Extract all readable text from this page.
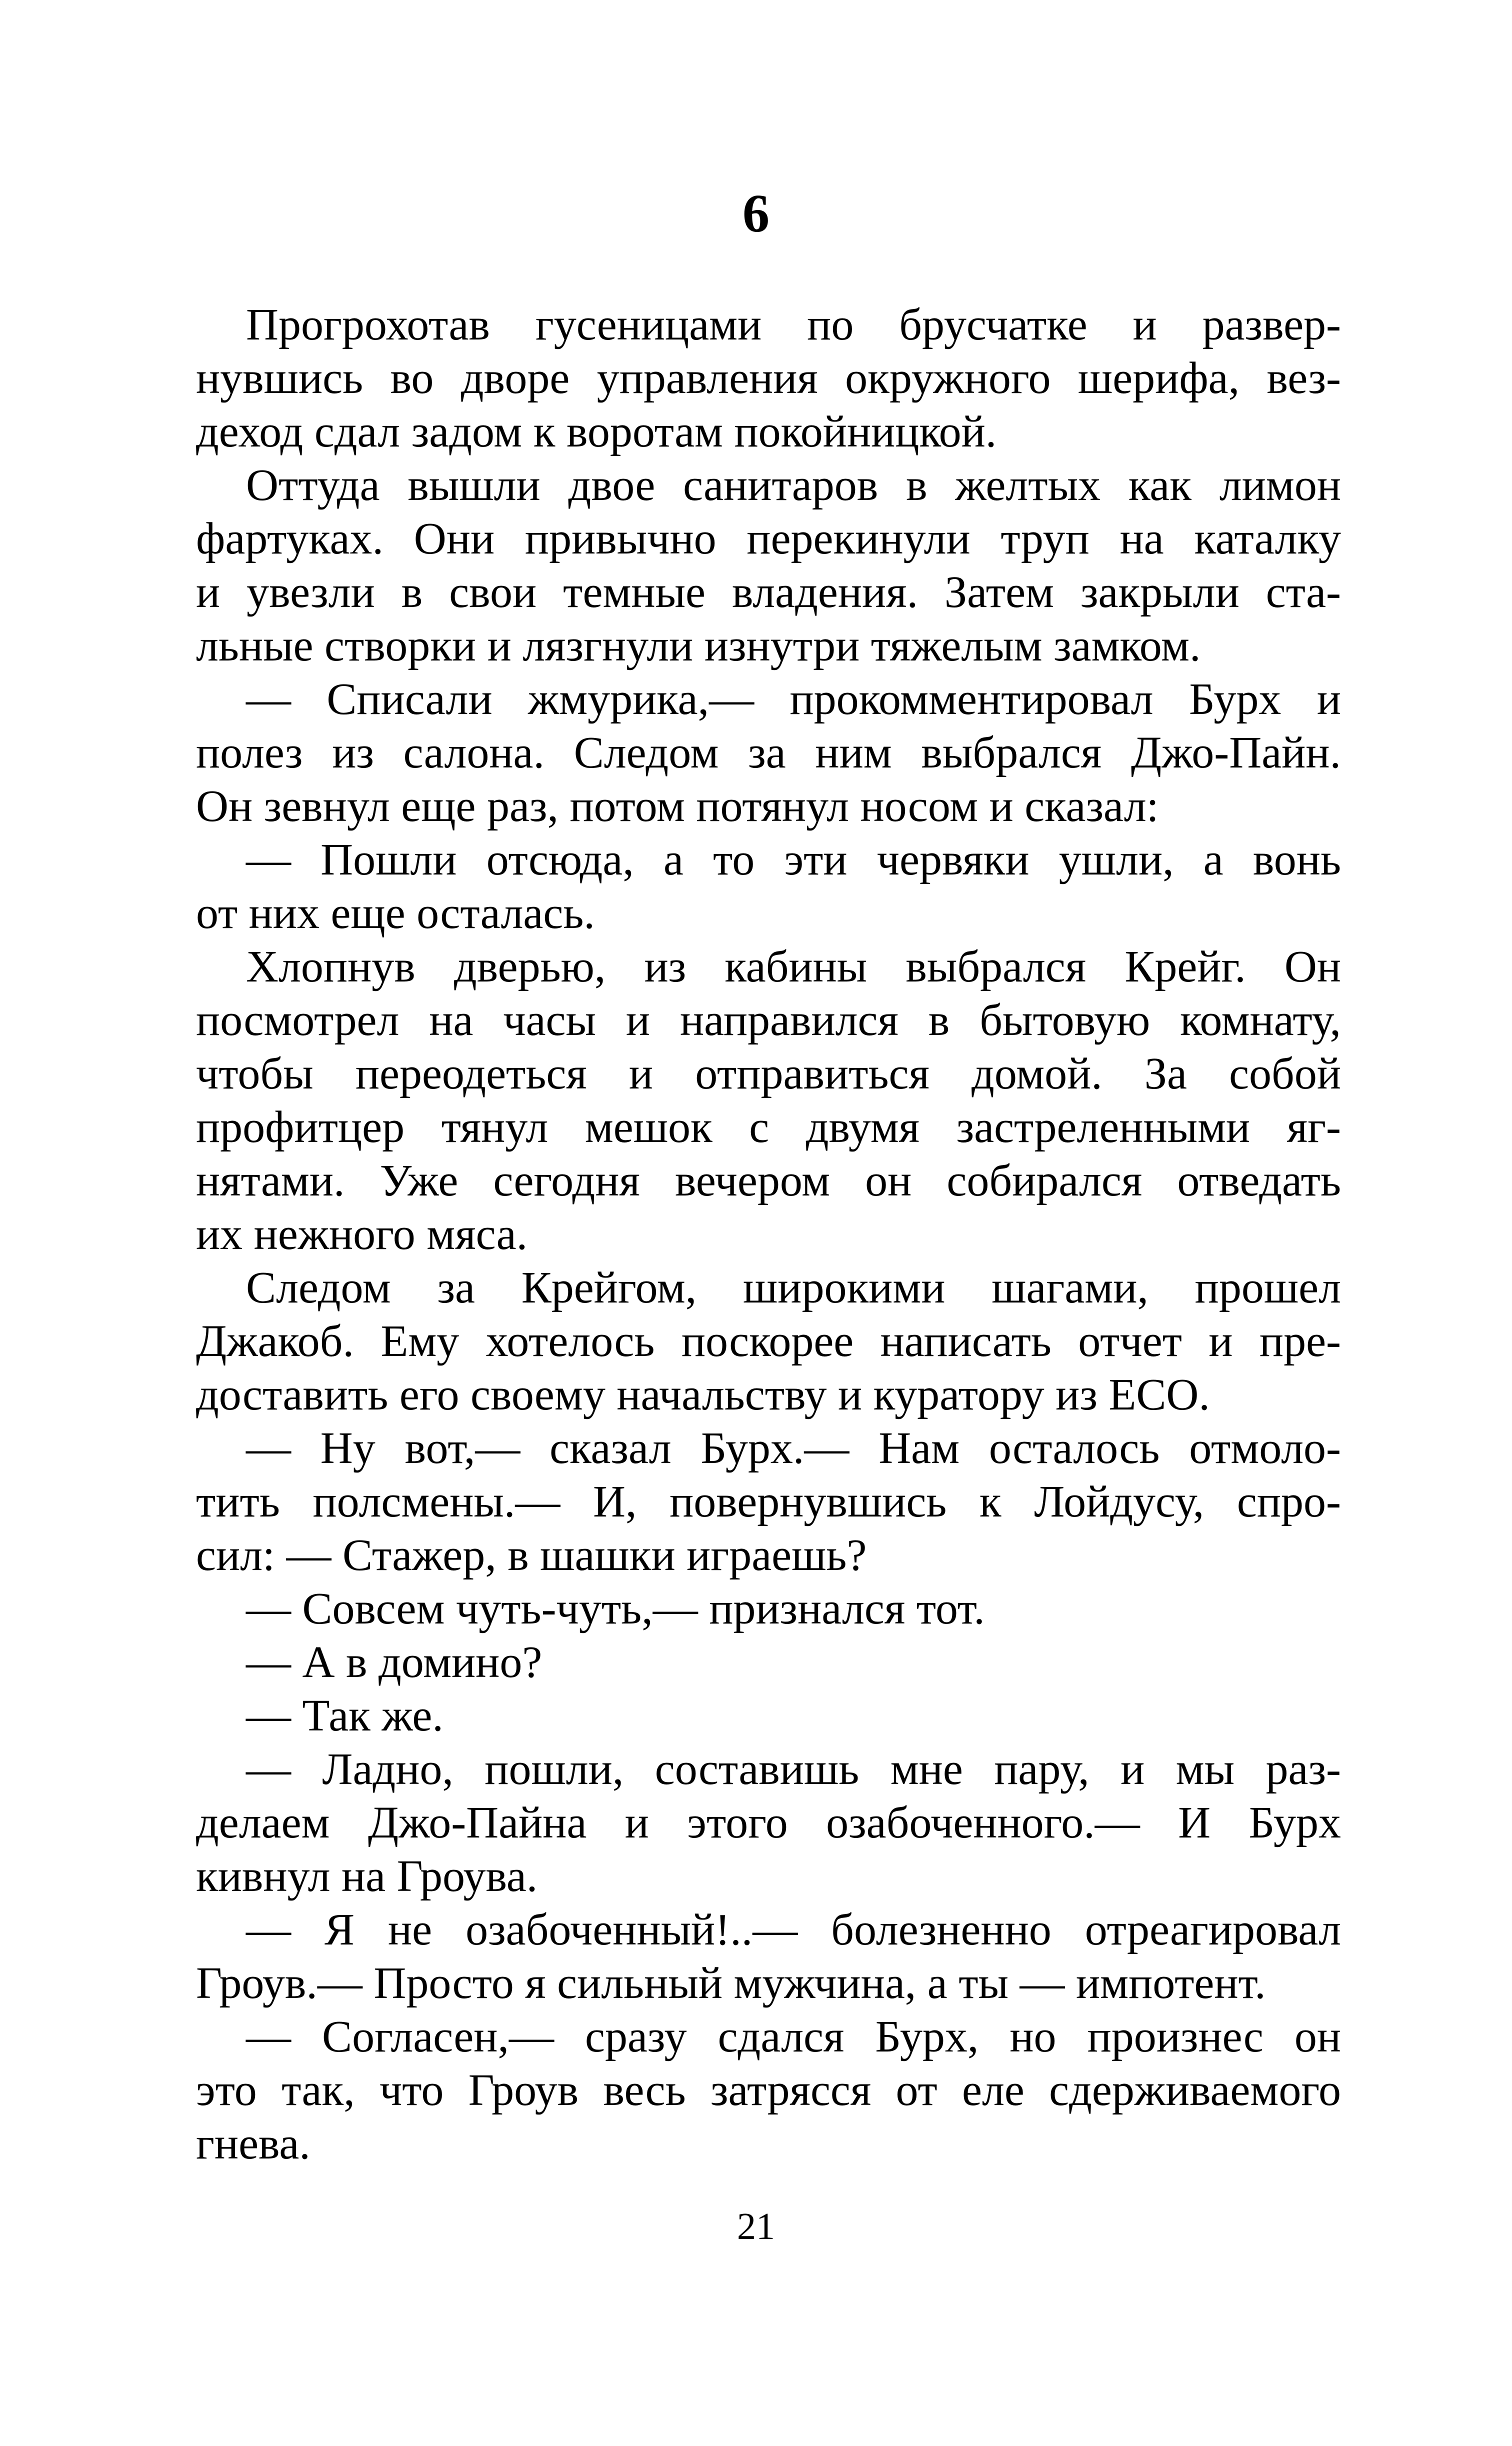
6
Прогрохотав гусеницами по брусчатке и развер-
нувшись во дворе управления окружного шерифа, вез-
деход сдал задом к воротам покойницкой.
Оттуда вышли двое санитаров в желтых как лимон
фартуках. Они привычно перекинули труп на каталку
и увезли в свои темные владения. Затем закрыли ста-
льные створки и лязгнули изнутри тяжелым замком.
— Списали жмурика,— прокомментировал Бурх и
полез из салона. Следом за ним выбрался Джо-Пайн.
Он зевнул еще раз, потом потянул носом и сказал:
— Пошли отсюда, а то эти червяки ушли, а вонь
от них еще осталась.
Хлопнув дверью, из кабины выбрался Крейг. Он
посмотрел на часы и направился в бытовую комнату,
чтобы переодеться и отправиться домой. За собой
профитцер тянул мешок с двумя застреленными яг-
нятами. Уже сегодня вечером он собирался отведать
их нежного мяса.
Следом за Крейгом, широкими шагами, прошел
Джакоб. Ему хотелось поскорее написать отчет и пре-
доставить его своему начальству и куратору из ЕСО.
— Ну вот,— сказал Бурх.— Нам осталось отмоло-
тить полсмены.— И, повернувшись к Лойдусу, спро-
сил: — Стажер, в шашки играешь?
— Совсем чуть-чуть,— признался тот.
— А в домино?
— Так же.
— Ладно, пошли, составишь мне пару, и мы раз-
делаем Джо-Пайна и этого озабоченного.— И Бурх
кивнул на Гроува.
— Я не озабоченный!..— болезненно отреагировал
Гроув.— Просто я сильный мужчина, а ты — импотент.
— Согласен,— сразу сдался Бурх, но произнес он
это так, что Гроув весь затрясся от еле сдерживаемого
гнева.
21
